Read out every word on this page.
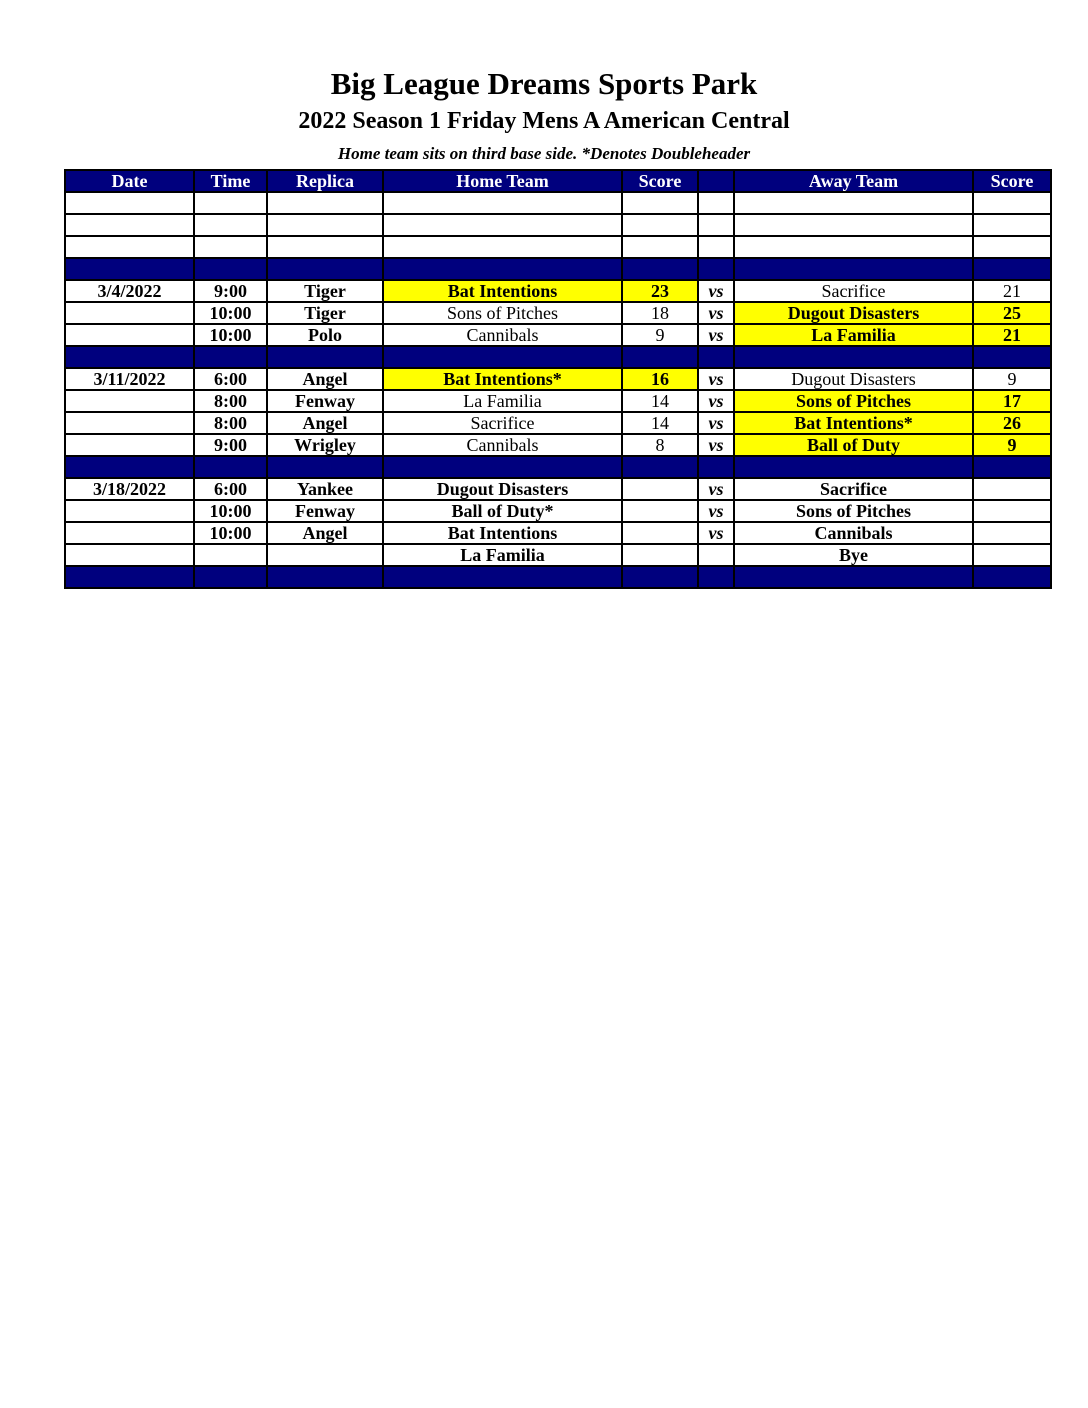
Big League Dreams Sports Park
2022 Season 1 Friday Mens A American Central
Home team sits on third base side. *Denotes Doubleheader
Date	Time	Replica	Home Team	Score		Away Team	Score

3/4/2022	9:00	Tiger	Bat Intentions	23	vs	Sacrifice	21
	10:00	Tiger	Sons of Pitches	18	vs	Dugout Disasters	25
	10:00	Polo	Cannibals	9	vs	La Familia	21

3/11/2022	6:00	Angel	Bat Intentions*	16	vs	Dugout Disasters	9
	8:00	Fenway	La Familia	14	vs	Sons of Pitches	17
	8:00	Angel	Sacrifice	14	vs	Bat Intentions*	26
	9:00	Wrigley	Cannibals	8	vs	Ball of Duty	9

3/18/2022	6:00	Yankee	Dugout Disasters		vs	Sacrifice	
	10:00	Fenway	Ball of Duty*		vs	Sons of Pitches	
	10:00	Angel	Bat Intentions		vs	Cannibals	
			La Familia			Bye	
